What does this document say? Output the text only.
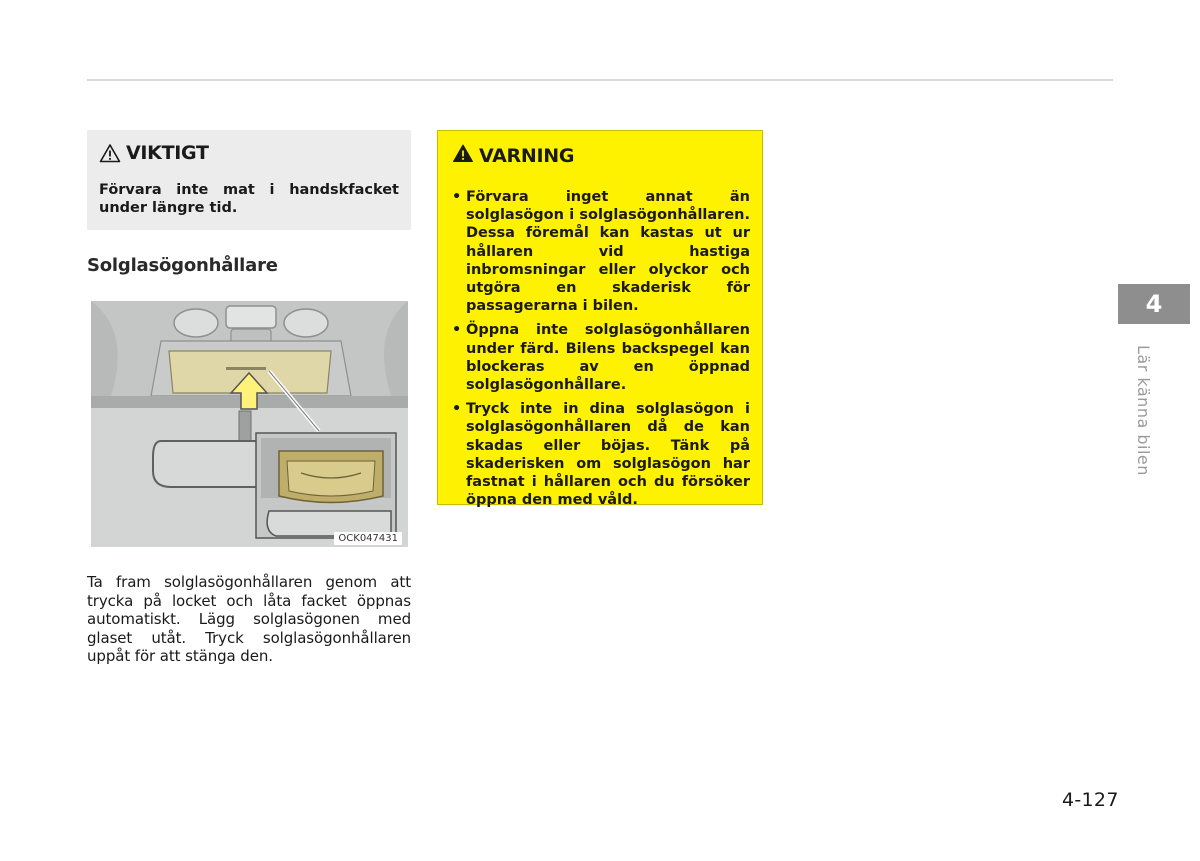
VIKTIGT
Förvara inte mat i handskfacket under längre tid.
Solglasögonhållare
OCK047431
Ta fram solglasögonhållaren genom att trycka på locket och låta facket öppnas automatiskt. Lägg solglasögonen med glaset utåt. Tryck solglasögonhållaren uppåt för att stänga den.
VARNING
• Förvara inget annat än solglasögon i solglasögonhållaren. Dessa föremål kan kastas ut ur hållaren vid hastiga inbromsningar eller olyckor och utgöra en skaderisk för passagerarna i bilen.
• Öppna inte solglasögonhållaren under färd. Bilens backspegel kan blockeras av en öppnad solglasögonhållare.
• Tryck inte in dina solglasögon i solglasögonhållaren då de kan skadas eller böjas. Tänk på skaderisken om solglasögon har fastnat i hållaren och du försöker öppna den med våld.
4
Lär känna bilen
4-127
